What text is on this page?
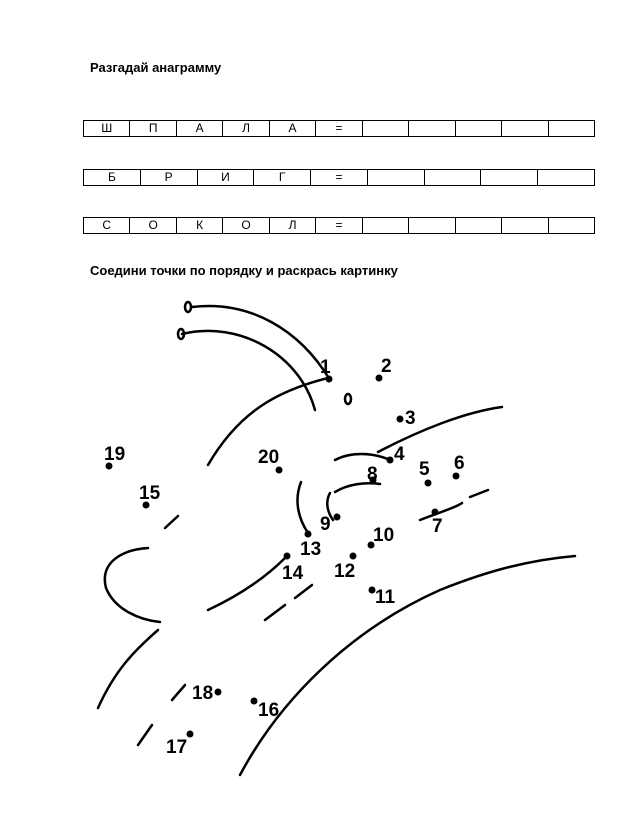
Разгадай анаграмму
Ш	П	А	Л	А	=					
Б	Р	И	Г	=				
С	О	К	О	Л	=					
Соедини точки по порядку и раскрась картинку
1	2
3
4
5 6
7
8
9
10
11
12
13
14
15
16
17
18
19	20
